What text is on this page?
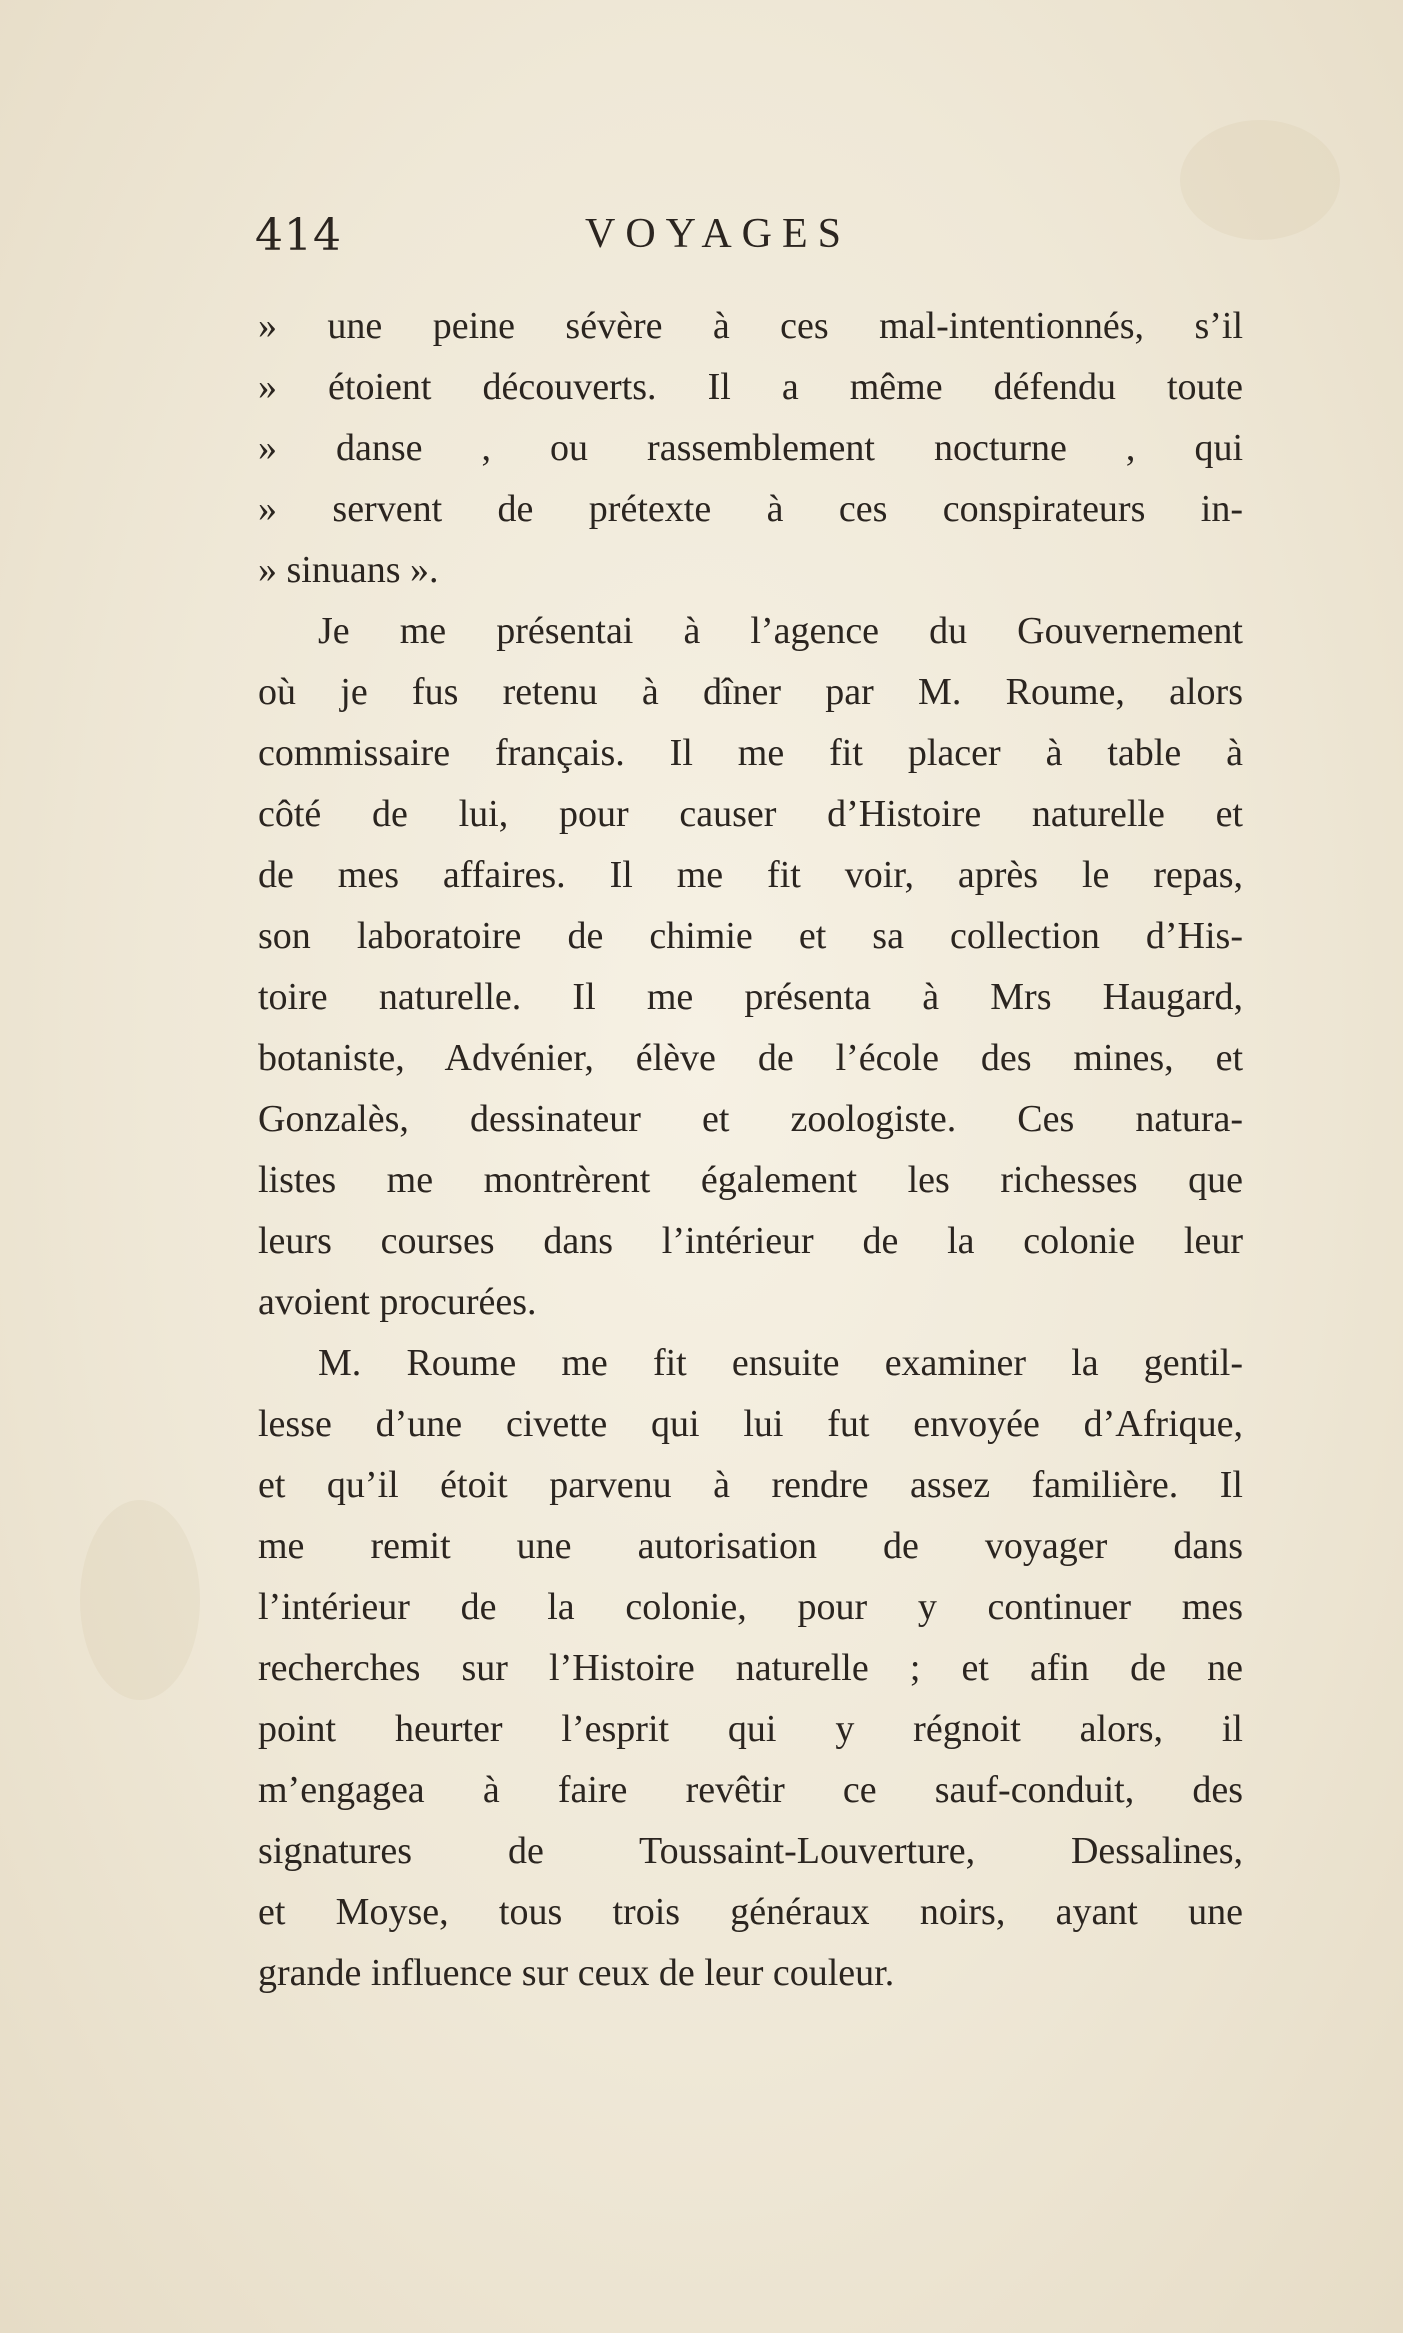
414	VOYAGES
» une peine sévère à ces mal-intentionnés, s’il
» étoient découverts. Il a même défendu toute
» danse , ou rassemblement nocturne , qui
» servent de prétexte à ces conspirateurs in-
» sinuans ».
Je me présentai à l’agence du Gouvernement
où je fus retenu à dîner par M. Roume, alors
commissaire français. Il me fit placer à table à
côté de lui, pour causer d’Histoire naturelle et
de mes affaires. Il me fit voir, après le repas,
son laboratoire de chimie et sa collection d’His-
toire naturelle. Il me présenta à Mrs Haugard,
botaniste, Advénier, élève de l’école des mines, et
Gonzalès, dessinateur et zoologiste. Ces natura-
listes me montrèrent également les richesses que
leurs courses dans l’intérieur de la colonie leur
avoient procurées.
M. Roume me fit ensuite examiner la gentil-
lesse d’une civette qui lui fut envoyée d’Afrique,
et qu’il étoit parvenu à rendre assez familière. Il
me remit une autorisation de voyager dans
l’intérieur de la colonie, pour y continuer mes
recherches sur l’Histoire naturelle ; et afin de ne
point heurter l’esprit qui y régnoit alors, il
m’engagea à faire revêtir ce sauf-conduit, des
signatures de Toussaint-Louverture, Dessalines,
et Moyse, tous trois généraux noirs, ayant une
grande influence sur ceux de leur couleur.
